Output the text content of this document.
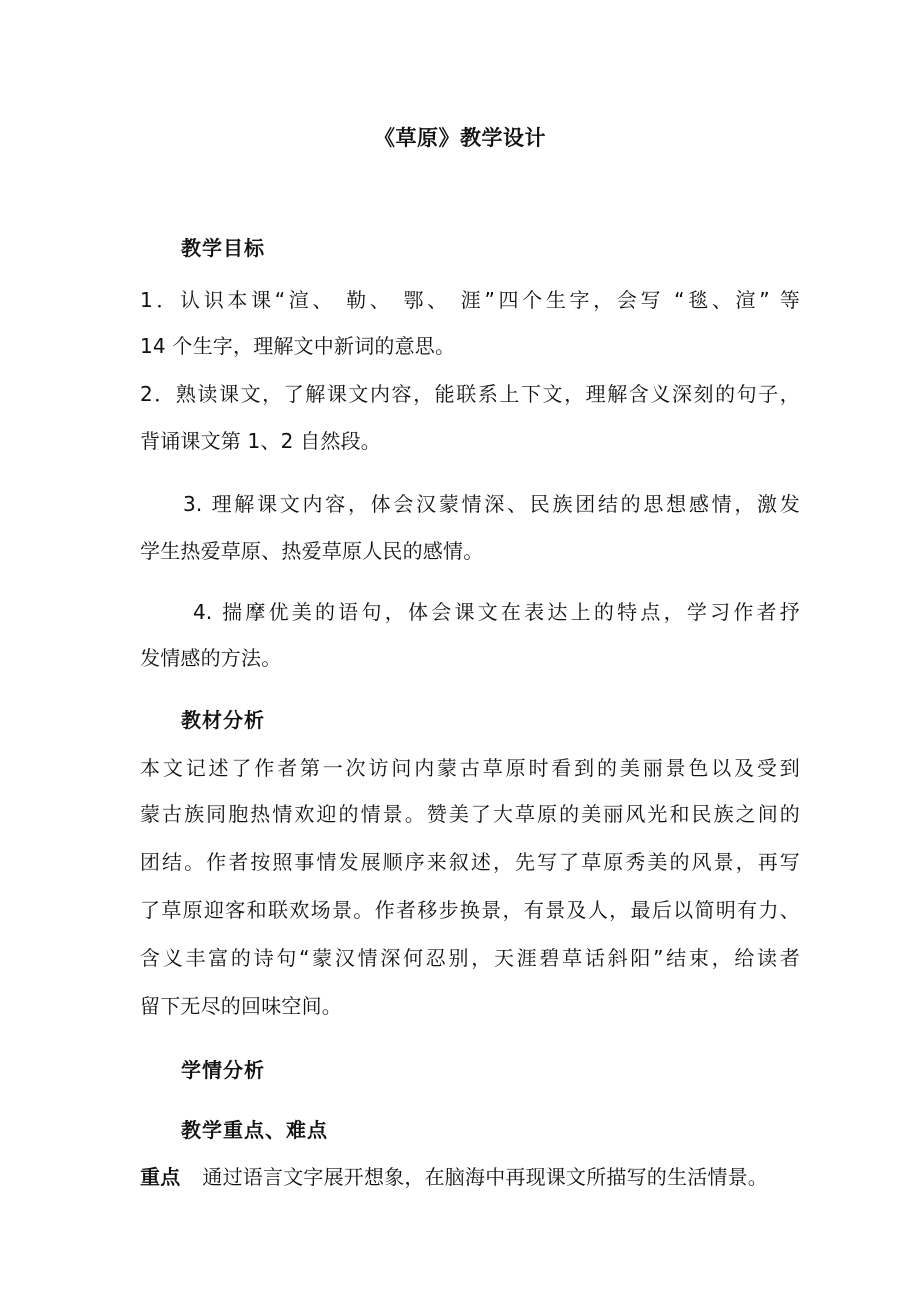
《草原》教学设计
教学目标
1．认识本课“渲、 勒、 鄂、 涯”四个生字，会写 “毯、渲” 等
14 个生字，理解文中新词的意思。
2．熟读课文，了解课文内容，能联系上下文，理解含义深刻的句子，
背诵课文第 1、2 自然段。
3. 理解课文内容，体会汉蒙情深、民族团结的思想感情，激发
学生热爱草原、热爱草原人民的感情。
4. 揣摩优美的语句，体会课文在表达上的特点，学习作者抒
发情感的方法。
教材分析
本文记述了作者第一次访问内蒙古草原时看到的美丽景色以及受到
蒙古族同胞热情欢迎的情景。赞美了大草原的美丽风光和民族之间的
团结。作者按照事情发展顺序来叙述，先写了草原秀美的风景，再写
了草原迎客和联欢场景。作者移步换景，有景及人，最后以简明有力、
含义丰富的诗句“蒙汉情深何忍别，天涯碧草话斜阳”结束，给读者
留下无尽的回味空间。
学情分析
教学重点、难点
重点 通过语言文字展开想象，在脑海中再现课文所描写的生活情景。
